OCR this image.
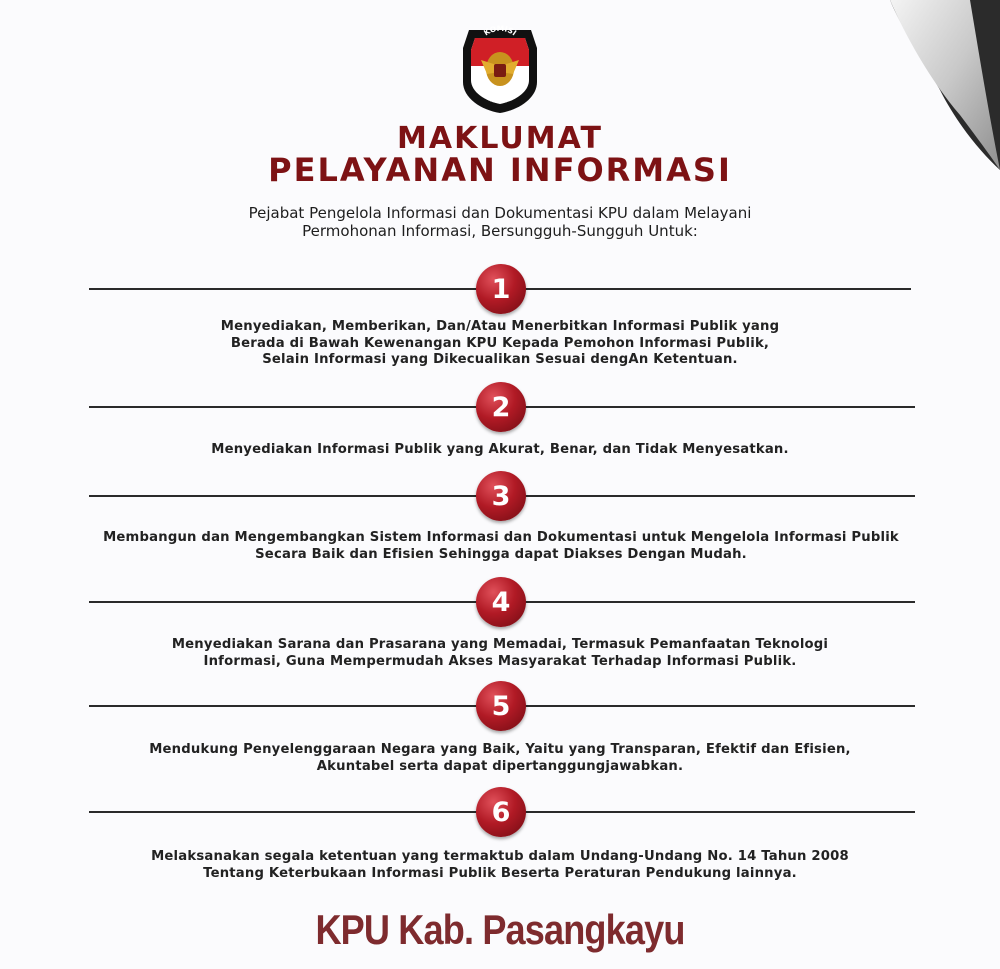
KOMISI
PEMILIHAN UMUM
MAKLUMAT
PELAYANAN INFORMASI
Pejabat Pengelola Informasi dan Dokumentasi KPU dalam Melayani
Permohonan Informasi, Bersungguh-Sungguh Untuk:
1
Menyediakan, Memberikan, Dan/Atau Menerbitkan Informasi Publik yang
Berada di Bawah Kewenangan KPU Kepada Pemohon Informasi Publik,
Selain Informasi yang Dikecualikan Sesuai dengAn Ketentuan.
2
Menyediakan Informasi Publik yang Akurat, Benar, dan Tidak Menyesatkan.
3
Membangun dan Mengembangkan Sistem Informasi dan Dokumentasi untuk Mengelola Informasi Publik
Secara Baik dan Efisien Sehingga dapat Diakses Dengan Mudah.
4
Menyediakan Sarana dan Prasarana yang Memadai, Termasuk Pemanfaatan Teknologi
Informasi, Guna Mempermudah Akses Masyarakat Terhadap Informasi Publik.
5
Mendukung Penyelenggaraan Negara yang Baik, Yaitu yang Transparan, Efektif dan Efisien,
Akuntabel serta dapat dipertanggungjawabkan.
6
Melaksanakan segala ketentuan yang termaktub dalam Undang-Undang No. 14 Tahun 2008
Tentang Keterbukaan Informasi Publik Beserta Peraturan Pendukung lainnya.
KPU Kab. Pasangkayu
